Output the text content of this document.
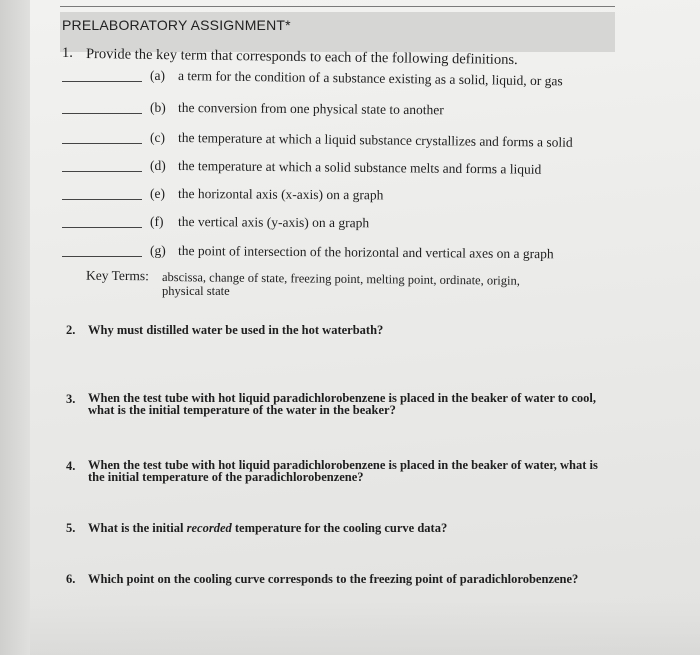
PRELABORATORY ASSIGNMENT*
1. Provide the key term that corresponds to each of the following definitions.
(a) a term for the condition of a substance existing as a solid, liquid, or gas
(b) the conversion from one physical state to another
(c) the temperature at which a liquid substance crystallizes and forms a solid
(d) the temperature at which a solid substance melts and forms a liquid
(e) the horizontal axis (x-axis) on a graph
(f) the vertical axis (y-axis) on a graph
(g) the point of intersection of the horizontal and vertical axes on a graph
Key Terms: abscissa, change of state, freezing point, melting point, ordinate, origin,
physical state
2. Why must distilled water be used in the hot waterbath?
3. When the test tube with hot liquid paradichlorobenzene is placed in the beaker of water to cool,
what is the initial temperature of the water in the beaker?
4. When the test tube with hot liquid paradichlorobenzene is placed in the beaker of water, what is
the initial temperature of the paradichlorobenzene?
5. What is the initial recorded temperature for the cooling curve data?
6. Which point on the cooling curve corresponds to the freezing point of paradichlorobenzene?
